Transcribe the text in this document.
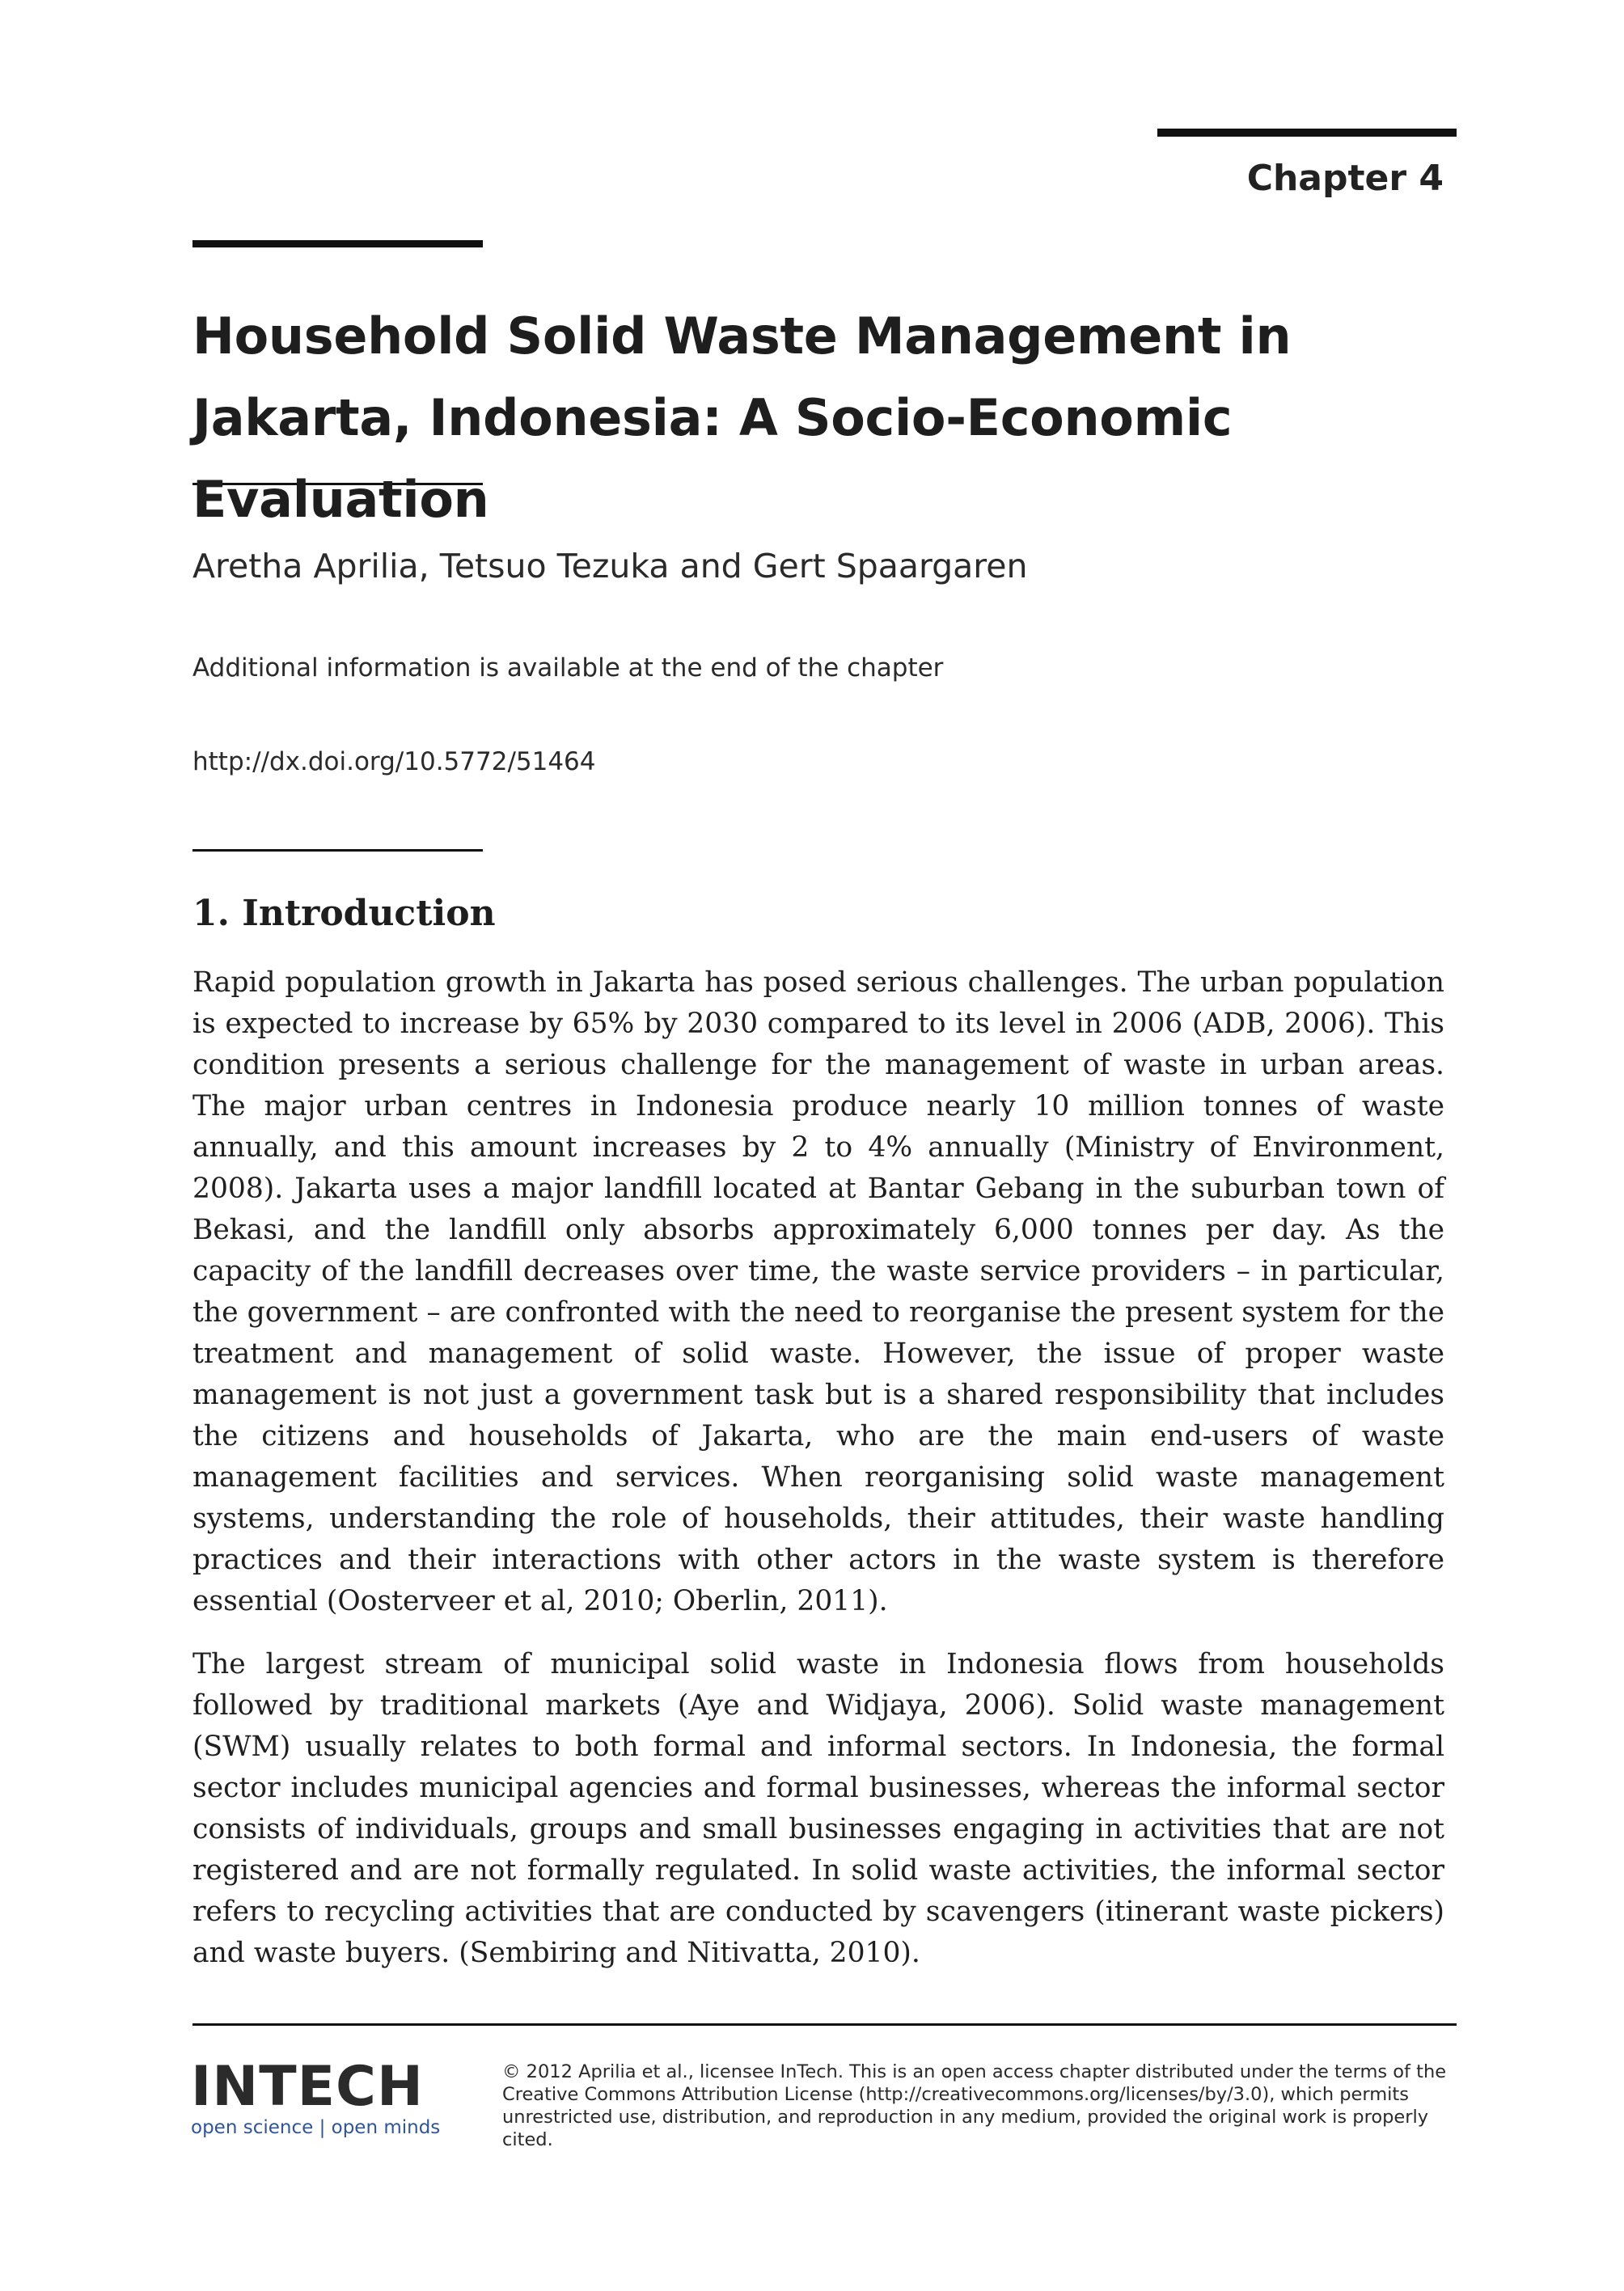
Chapter 4
Household Solid Waste Management in Jakarta, Indonesia: A Socio-Economic Evaluation
Aretha Aprilia, Tetsuo Tezuka and Gert Spaargaren
Additional information is available at the end of the chapter
http://dx.doi.org/10.5772/51464
1. Introduction

Rapid population growth in Jakarta has posed serious challenges. The urban population is expected to increase by 65% by 2030 compared to its level in 2006 (ADB, 2006). This condition presents a serious challenge for the management of waste in urban areas. The major urban centres in Indonesia produce nearly 10 million tonnes of waste annually, and this amount increases by 2 to 4% annually (Ministry of Environment, 2008). Jakarta uses a major landfill located at Bantar Gebang in the suburban town of Bekasi, and the landfill only absorbs approximately 6,000 tonnes per day. As the capacity of the landfill decreases over time, the waste service providers – in particular, the government – are confronted with the need to reorganise the present system for the treatment and management of solid waste. However, the issue of proper waste management is not just a government task but is a shared responsibility that includes the citizens and households of Jakarta, who are the main end-users of waste management facilities and services. When reorganising solid waste management systems, understanding the role of households, their attitudes, their waste handling practices and their interactions with other actors in the waste system is therefore essential (Oosterveer et al, 2010; Oberlin, 2011).

The largest stream of municipal solid waste in Indonesia flows from households followed by traditional markets (Aye and Widjaya, 2006). Solid waste management (SWM) usually relates to both formal and informal sectors. In Indonesia, the formal sector includes municipal agencies and formal businesses, whereas the informal sector consists of individuals, groups and small businesses engaging in activities that are not registered and are not formally regulated. In solid waste activities, the informal sector refers to recycling activities that are conducted by scavengers (itinerant waste pickers) and waste buyers. (Sembiring and Nitivatta, 2010).

INTECH
open science | open minds

© 2012 Aprilia et al., licensee InTech. This is an open access chapter distributed under the terms of the Creative Commons Attribution License (http://creativecommons.org/licenses/by/3.0), which permits unrestricted use, distribution, and reproduction in any medium, provided the original work is properly cited.
